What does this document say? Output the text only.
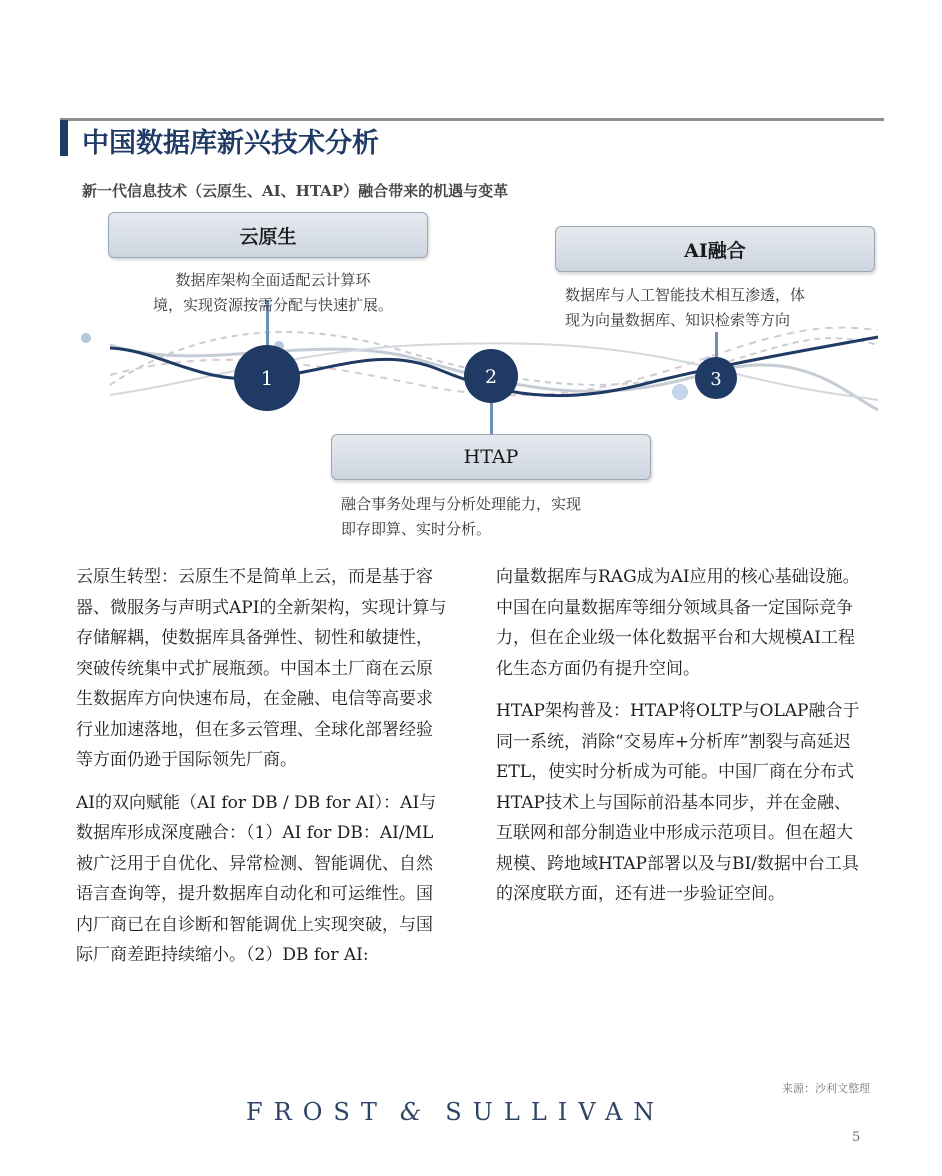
中国数据库新兴技术分析

新一代信息技术（云原生、AI、HTAP）融合带来的机遇与变革

1	2	3
云原生
HTAP
AI融合
数据库架构全面适配云计算环
境，实现资源按需分配与快速扩展。
融合事务处理与分析处理能力，实现
即存即算、实时分析。
数据库与人工智能技术相互渗透，体
现为向量数据库、知识检索等方向

云原生转型：云原生不是简单上云，而是基于容器、微服务与声明式API的全新架构，实现计算与存储解耦，使数据库具备弹性、韧性和敏捷性，突破传统集中式扩展瓶颈。中国本土厂商在云原生数据库方向快速布局，在金融、电信等高要求行业加速落地，但在多云管理、全球化部署经验等方面仍逊于国际领先厂商。

AI的双向赋能（AI for DB / DB for AI）：AI与数据库形成深度融合：（1）AI for DB：AI/ML 被广泛用于自优化、异常检测、智能调优、自然语言查询等，提升数据库自动化和可运维性。国内厂商已在自诊断和智能调优上实现突破，与国际厂商差距持续缩小。（2）DB for AI:

向量数据库与RAG成为AI应用的核心基础设施。中国在向量数据库等细分领域具备一定国际竞争力，但在企业级一体化数据平台和大规模AI工程化生态方面仍有提升空间。

HTAP架构普及：HTAP将OLTP与OLAP融合于同一系统，消除“交易库+分析库”割裂与高延迟ETL，使实时分析成为可能。中国厂商在分布式HTAP技术上与国际前沿基本同步，并在金融、互联网和部分制造业中形成示范项目。但在超大规模、跨地域HTAP部署以及与BI/数据中台工具的深度联方面，还有进一步验证空间。

来源：沙利文整理

FROST & SULLIVAN

5
